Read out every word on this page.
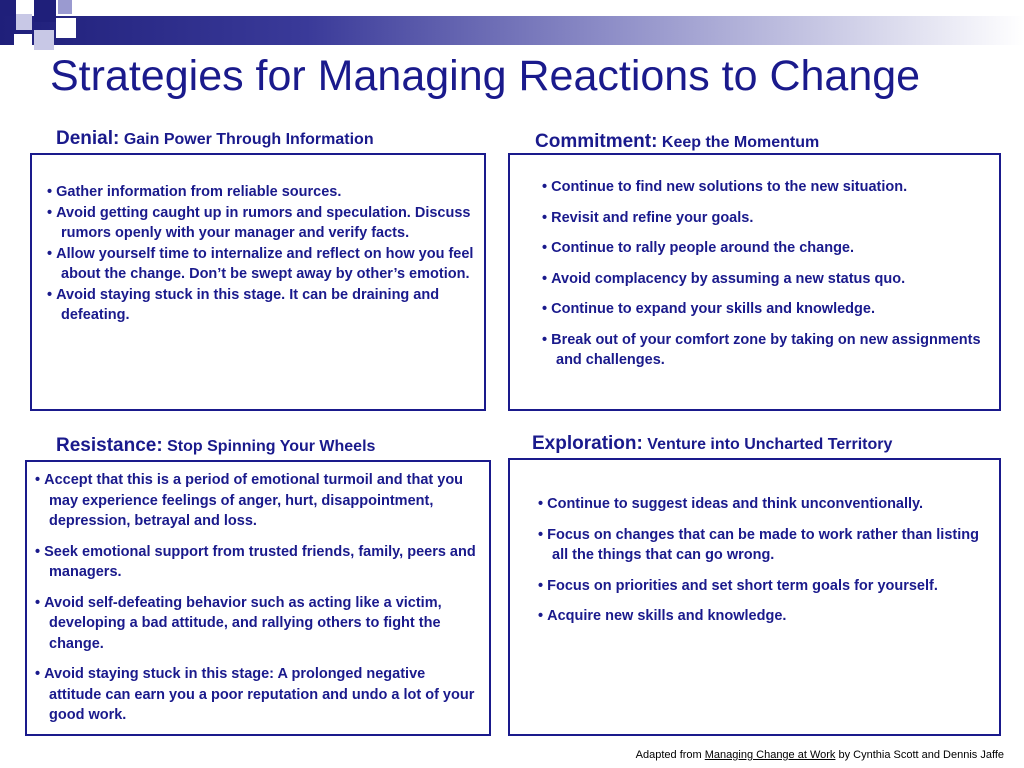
Strategies for Managing Reactions to Change
Denial: Gain Power Through Information
• Gather information from reliable sources.
• Avoid getting caught up in rumors and speculation. Discuss rumors openly with your manager and verify facts.
• Allow yourself time to internalize and reflect on how you feel about the change. Don’t be swept away by other’s emotion.
• Avoid staying stuck in this stage. It can be draining and defeating.
Commitment: Keep the Momentum
• Continue to find new solutions to the new situation.
• Revisit and refine your goals.
• Continue to rally people around the change.
• Avoid complacency by assuming a new status quo.
• Continue to expand your skills and knowledge.
• Break out of your comfort zone by taking on new assignments and challenges.
Resistance: Stop Spinning Your Wheels
• Accept that this is a period of emotional turmoil and that you may experience feelings of anger, hurt, disappointment, depression, betrayal and loss.
• Seek emotional support from trusted friends, family, peers and managers.
• Avoid self-defeating behavior such as acting like a victim, developing a bad attitude, and rallying others to fight the change.
• Avoid staying stuck in this stage: A prolonged negative attitude can earn you a poor reputation and undo a lot of your good work.
Exploration: Venture into Uncharted Territory
• Continue to suggest ideas and think unconventionally.
• Focus on changes that can be made to work rather than listing all the things that can go wrong.
• Focus on priorities and set short term goals for yourself.
• Acquire new skills and knowledge.
Adapted from Managing Change at Work by Cynthia Scott and Dennis Jaffe
